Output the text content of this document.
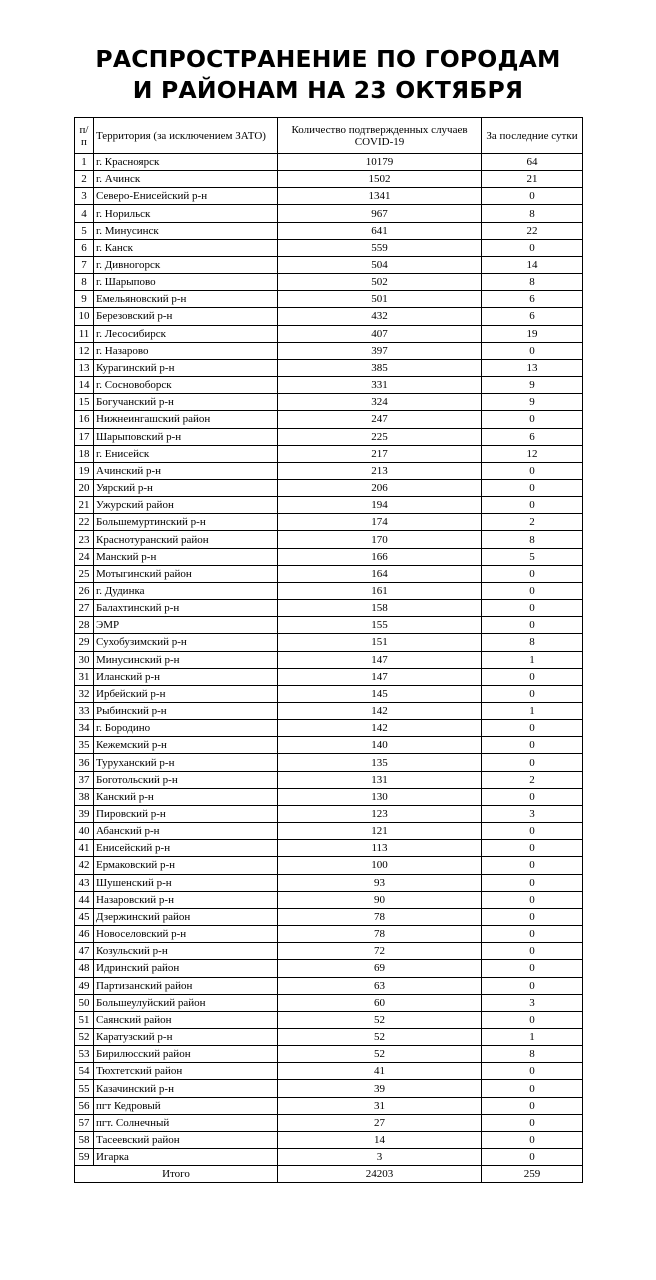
РАСПРОСТРАНЕНИЕ ПО ГОРОДАМ
И РАЙОНАМ НА 23 ОКТЯБРЯ
п/п	Территория (за исключением ЗАТО)	Количество подтвержденных случаев COVID-19	За последние сутки
1	г. Красноярск	10179	64
2	г. Ачинск	1502	21
3	Северо-Енисейский р-н	1341	0
4	г. Норильск	967	8
5	г. Минусинск	641	22
6	г. Канск	559	0
7	г. Дивногорск	504	14
8	г. Шарыпово	502	8
9	Емельяновский р-н	501	6
10	Березовский р-н	432	6
11	г. Лесосибирск	407	19
12	г. Назарово	397	0
13	Курагинский р-н	385	13
14	г. Сосновоборск	331	9
15	Богучанский р-н	324	9
16	Нижнеингашский район	247	0
17	Шарыповский р-н	225	6
18	г. Енисейск	217	12
19	Ачинский р-н	213	0
20	Уярский р-н	206	0
21	Ужурский район	194	0
22	Большемуртинский р-н	174	2
23	Краснотуранский район	170	8
24	Манский р-н	166	5
25	Мотыгинский район	164	0
26	г. Дудинка	161	0
27	Балахтинский р-н	158	0
28	ЭМР	155	0
29	Сухобузимский р-н	151	8
30	Минусинский р-н	147	1
31	Иланский р-н	147	0
32	Ирбейский р-н	145	0
33	Рыбинский р-н	142	1
34	г. Бородино	142	0
35	Кежемский р-н	140	0
36	Туруханский р-н	135	0
37	Боготольский р-н	131	2
38	Канский р-н	130	0
39	Пировский р-н	123	3
40	Абанский р-н	121	0
41	Енисейский р-н	113	0
42	Ермаковский р-н	100	0
43	Шушенский р-н	93	0
44	Назаровский р-н	90	0
45	Дзержинский район	78	0
46	Новоселовский р-н	78	0
47	Козульский р-н	72	0
48	Идринский район	69	0
49	Партизанский район	63	0
50	Большеулуйский район	60	3
51	Саянский район	52	0
52	Каратузский р-н	52	1
53	Бирилюсский район	52	8
54	Тюхтетский район	41	0
55	Казачинский р-н	39	0
56	пгт Кедровый	31	0
57	пгт. Солнечный	27	0
58	Тасеевский район	14	0
59	Игарка	3	0
Итого		24203	259
